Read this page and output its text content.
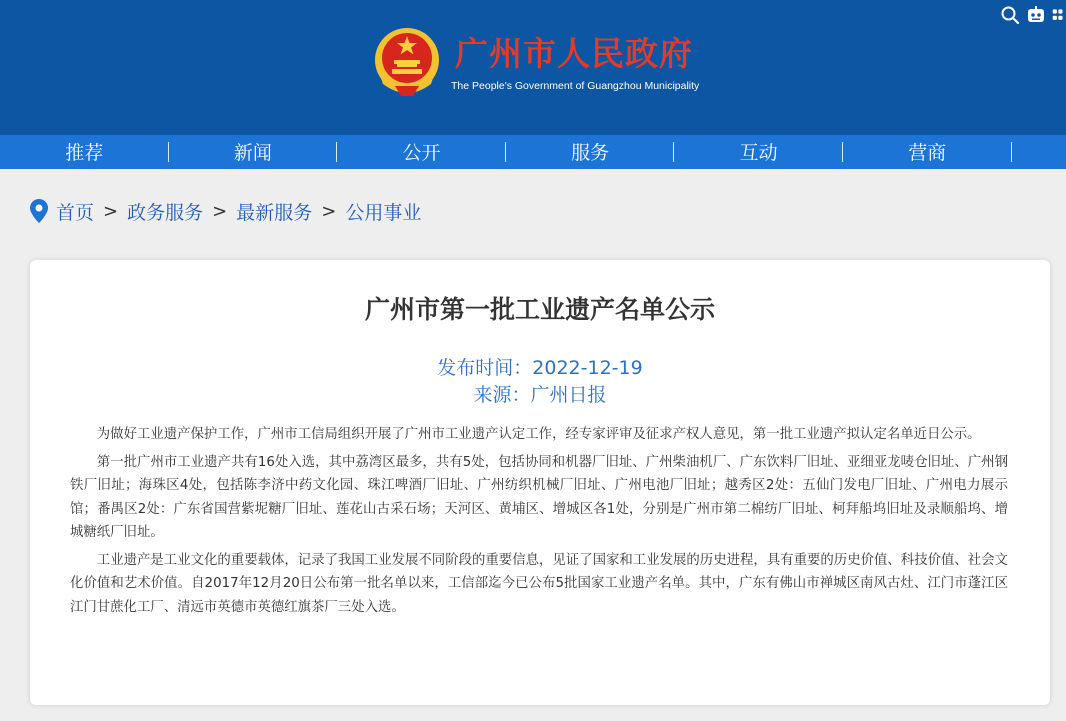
广州市人民政府
The People's Government of Guangzhou Municipality
推荐	新闻	公开	服务	互动	营商
首页 > 政务服务 > 最新服务 > 公用事业
广州市第一批工业遗产名单公示
发布时间：2022-12-19
来源：广州日报

为做好工业遗产保护工作，广州市工信局组织开展了广州市工业遗产认定工作，经专家评审及征求产权人意见，第一批工业遗产拟认定名单近日公示。

第一批广州市工业遗产共有16处入选，其中荔湾区最多，共有5处，包括协同和机器厂旧址、广州柴油机厂、广东饮料厂旧址、亚细亚龙唛仓旧址、广州钢铁厂旧址；海珠区4处，包括陈李济中药文化园、珠江啤酒厂旧址、广州纺织机械厂旧址、广州电池厂旧址；越秀区2处：五仙门发电厂旧址、广州电力展示馆；番禺区2处：广东省国营紫坭糖厂旧址、莲花山古采石场；天河区、黄埔区、增城区各1处，分别是广州市第二棉纺厂旧址、柯拜船坞旧址及录顺船坞、增城糖纸厂旧址。

工业遗产是工业文化的重要载体，记录了我国工业发展不同阶段的重要信息，见证了国家和工业发展的历史进程，具有重要的历史价值、科技价值、社会文化价值和艺术价值。自2017年12月20日公布第一批名单以来，工信部迄今已公布5批国家工业遗产名单。其中，广东有佛山市禅城区南风古灶、江门市蓬江区江门甘蔗化工厂、清远市英德市英德红旗茶厂三处入选。
